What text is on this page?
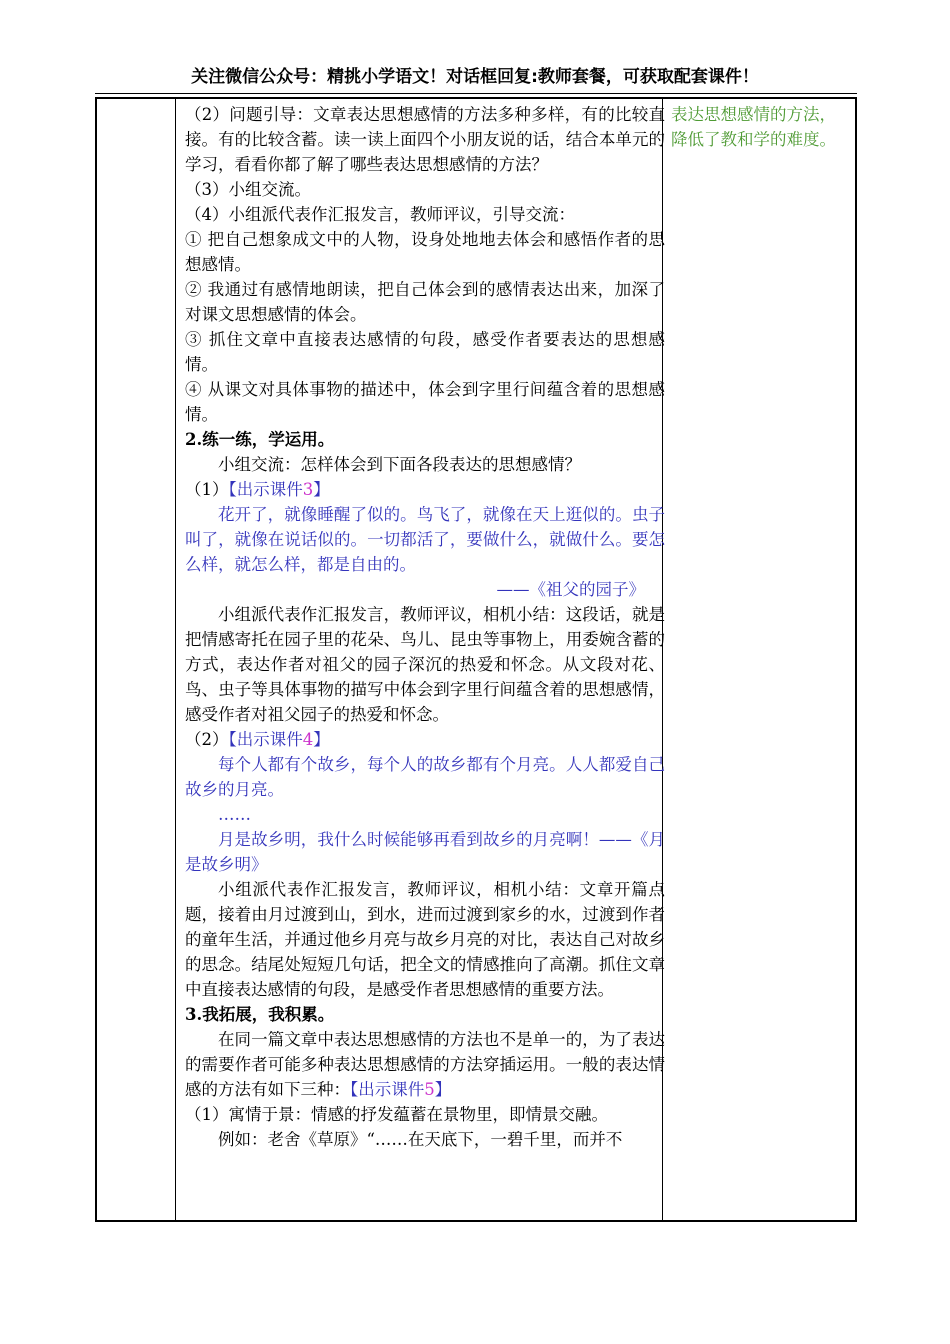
关注微信公众号：精挑小学语文！对话框回复:教师套餐，可获取配套课件！

（2）问题引导：文章表达思想感情的方法多种多样，有的比较直接。有的比较含蓄。读一读上面四个小朋友说的话，结合本单元的学习，看看你都了解了哪些表达思想感情的方法？

（3）小组交流。

（4）小组派代表作汇报发言，教师评议，引导交流：

① 把自己想象成文中的人物，设身处地地去体会和感悟作者的思想感情。

② 我通过有感情地朗读，把自己体会到的感情表达出来，加深了对课文思想感情的体会。

③ 抓住文章中直接表达感情的句段，感受作者要表达的思想感情。

④ 从课文对具体事物的描述中，体会到字里行间蕴含着的思想感情。

2.练一练，学运用。

小组交流：怎样体会到下面各段表达的思想感情？

（1）【出示课件3】

花开了，就像睡醒了似的。鸟飞了，就像在天上逛似的。虫子叫了，就像在说话似的。一切都活了，要做什么，就做什么。要怎么样，就怎么样，都是自由的。

——《祖父的园子》

小组派代表作汇报发言，教师评议，相机小结：这段话，就是把情感寄托在园子里的花朵、鸟儿、昆虫等事物上，用委婉含蓄的方式，表达作者对祖父的园子深沉的热爱和怀念。从文段对花、鸟、虫子等具体事物的描写中体会到字里行间蕴含着的思想感情，感受作者对祖父园子的热爱和怀念。

（2）【出示课件4】

每个人都有个故乡，每个人的故乡都有个月亮。人人都爱自己故乡的月亮。

……

月是故乡明，我什么时候能够再看到故乡的月亮啊！——《月是故乡明》

小组派代表作汇报发言，教师评议，相机小结：文章开篇点题，接着由月过渡到山，到水，进而过渡到家乡的水，过渡到作者的童年生活，并通过他乡月亮与故乡月亮的对比，表达自己对故乡的思念。结尾处短短几句话，把全文的情感推向了高潮。抓住文章中直接表达感情的句段，是感受作者思想感情的重要方法。

3.我拓展，我积累。

在同一篇文章中表达思想感情的方法也不是单一的，为了表达的需要作者可能多种表达思想感情的方法穿插运用。一般的表达情感的方法有如下三种：【出示课件5】

（1）寓情于景：情感的抒发蕴蓄在景物里，即情景交融。

例如：老舍《草原》“……在天底下，一碧千里，而并不

表达思想感情的方法，降低了教和学的难度。
